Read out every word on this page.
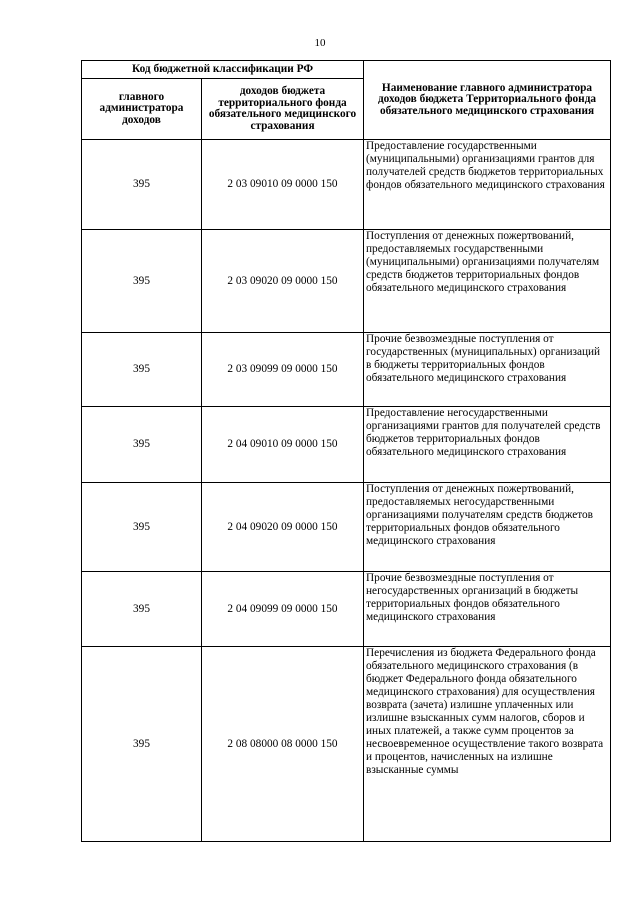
10
Код бюджетной классификации РФ		Наименование главного администратора доходов бюджета Территориального фонда обязательного медицинского страхования
главного администратора доходов	доходов бюджета территориального фонда обязательного медицинского страхования	
395	2 03 09010 09 0000 150	Предоставление государственными (муниципальными) организациями грантов для получателей средств бюджетов территориальных фондов обязательного медицинского страхования
395	2 03 09020 09 0000 150	Поступления от денежных пожертвований, предоставляемых государственными (муниципальными) организациями получателям средств бюджетов территориальных фондов обязательного медицинского страхования
395	2 03 09099 09 0000 150	Прочие безвозмездные поступления от государственных (муниципальных) организаций в бюджеты территориальных фондов обязательного медицинского страхования
395	2 04 09010 09 0000 150	Предоставление негосударственными организациями грантов для получателей средств бюджетов территориальных фондов обязательного медицинского страхования
395	2 04 09020 09 0000 150	Поступления от денежных пожертвований, предоставляемых негосударственными организациями получателям средств бюджетов территориальных фондов обязательного медицинского страхования
395	2 04 09099 09 0000 150	Прочие безвозмездные поступления от негосударственных организаций в бюджеты территориальных фондов обязательного медицинского страхования
395	2 08 08000 08 0000 150	Перечисления из бюджета Федерального фонда обязательного медицинского страхования (в бюджет Федерального фонда обязательного медицинского страхования) для осуществления возврата (зачета) излишне уплаченных или излишне взысканных сумм налогов, сборов и иных платежей, а также сумм процентов за несвоевременное осуществление такого возврата и процентов, начисленных на излишне взысканные суммы
